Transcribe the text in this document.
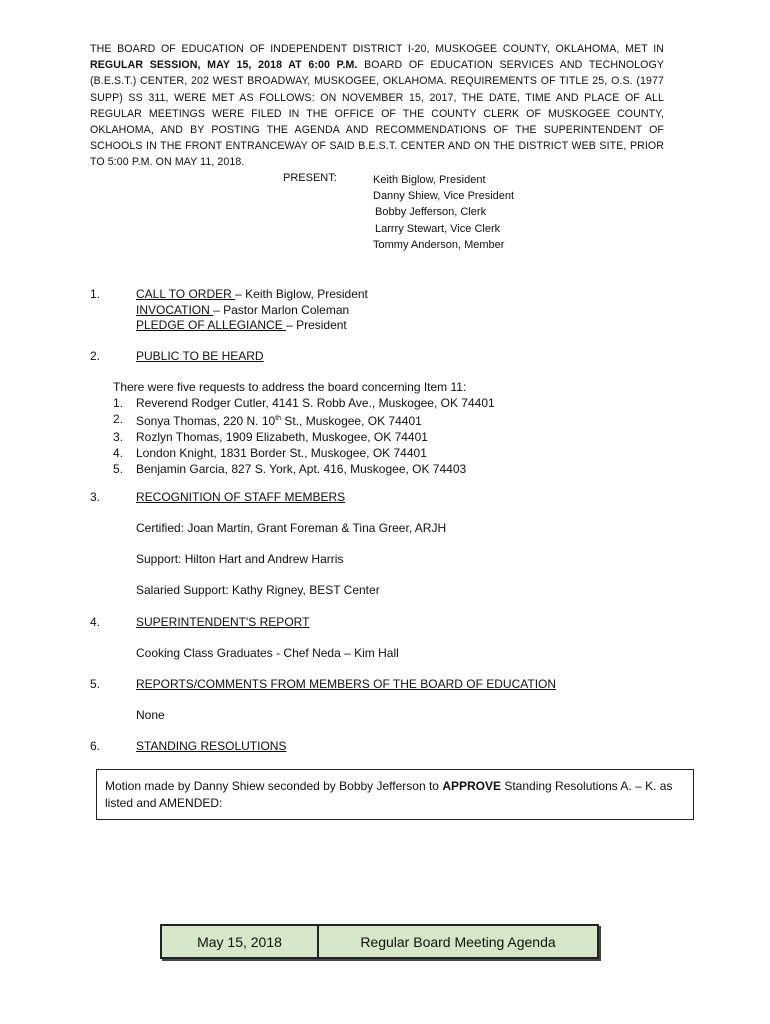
THE BOARD OF EDUCATION OF INDEPENDENT DISTRICT I-20, MUSKOGEE COUNTY, OKLAHOMA, MET IN REGULAR SESSION, MAY 15, 2018 AT 6:00 P.M. BOARD OF EDUCATION SERVICES AND TECHNOLOGY (B.E.S.T.) CENTER, 202 WEST BROADWAY, MUSKOGEE, OKLAHOMA. REQUIREMENTS OF TITLE 25, O.S. (1977 SUPP) SS 311, WERE MET AS FOLLOWS: ON NOVEMBER 15, 2017, THE DATE, TIME AND PLACE OF ALL REGULAR MEETINGS WERE FILED IN THE OFFICE OF THE COUNTY CLERK OF MUSKOGEE COUNTY, OKLAHOMA, AND BY POSTING THE AGENDA AND RECOMMENDATIONS OF THE SUPERINTENDENT OF SCHOOLS IN THE FRONT ENTRANCEWAY OF SAID B.E.S.T. CENTER AND ON THE DISTRICT WEB SITE, PRIOR TO 5:00 P.M. ON MAY 11, 2018.
PRESENT:	Keith Biglow, President
Danny Shiew, Vice President
Bobby Jefferson, Clerk
Larrry Stewart, Vice Clerk
Tommy Anderson, Member
1.	CALL TO ORDER – Keith Biglow, President
INVOCATION – Pastor Marlon Coleman
PLEDGE OF ALLEGIANCE – President
2.	PUBLIC TO BE HEARD
There were five requests to address the board concerning Item 11:
1.	Reverend Rodger Cutler, 4141 S. Robb Ave., Muskogee, OK 74401
2.	Sonya Thomas, 220 N. 10th St., Muskogee, OK 74401
3.	Rozlyn Thomas, 1909 Elizabeth, Muskogee, OK 74401
4.	London Knight, 1831 Border St., Muskogee, OK 74401
5.	Benjamin Garcia, 827 S. York, Apt. 416, Muskogee, OK 74403
3.	RECOGNITION OF STAFF MEMBERS
Certified: Joan Martin, Grant Foreman & Tina Greer, ARJH
Support: Hilton Hart and Andrew Harris
Salaried Support: Kathy Rigney, BEST Center
4.	SUPERINTENDENT'S REPORT
Cooking Class Graduates - Chef Neda – Kim Hall
5.	REPORTS/COMMENTS FROM MEMBERS OF THE BOARD OF EDUCATION
None
6.	STANDING RESOLUTIONS
Motion made by Danny Shiew seconded by Bobby Jefferson to APPROVE Standing Resolutions A. – K. as listed and AMENDED:
May 15, 2018	Regular Board Meeting Agenda
